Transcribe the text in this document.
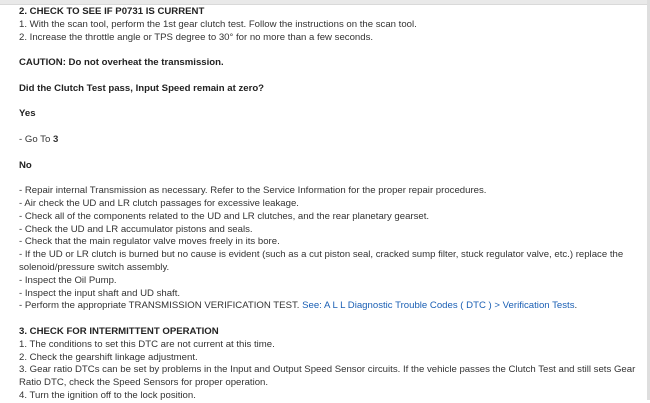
2. CHECK TO SEE IF P0731 IS CURRENT
1. With the scan tool, perform the 1st gear clutch test. Follow the instructions on the scan tool.
2. Increase the throttle angle or TPS degree to 30° for no more than a few seconds.
CAUTION: Do not overheat the transmission.
Did the Clutch Test pass, Input Speed remain at zero?
Yes
- Go To 3
No
- Repair internal Transmission as necessary. Refer to the Service Information for the proper repair procedures.
- Air check the UD and LR clutch passages for excessive leakage.
- Check all of the components related to the UD and LR clutches, and the rear planetary gearset.
- Check the UD and LR accumulator pistons and seals.
- Check that the main regulator valve moves freely in its bore.
- If the UD or LR clutch is burned but no cause is evident (such as a cut piston seal, cracked sump filter, stuck regulator valve, etc.) replace the solenoid/pressure switch assembly.
- Inspect the Oil Pump.
- Inspect the input shaft and UD shaft.
- Perform the appropriate TRANSMISSION VERIFICATION TEST. See: A L L Diagnostic Trouble Codes ( DTC ) > Verification Tests.
3. CHECK FOR INTERMITTENT OPERATION
1. The conditions to set this DTC are not current at this time.
2. Check the gearshift linkage adjustment.
3. Gear ratio DTCs can be set by problems in the Input and Output Speed Sensor circuits. If the vehicle passes the Clutch Test and still sets Gear Ratio DTC, check the Speed Sensors for proper operation.
4. Turn the ignition off to the lock position.
